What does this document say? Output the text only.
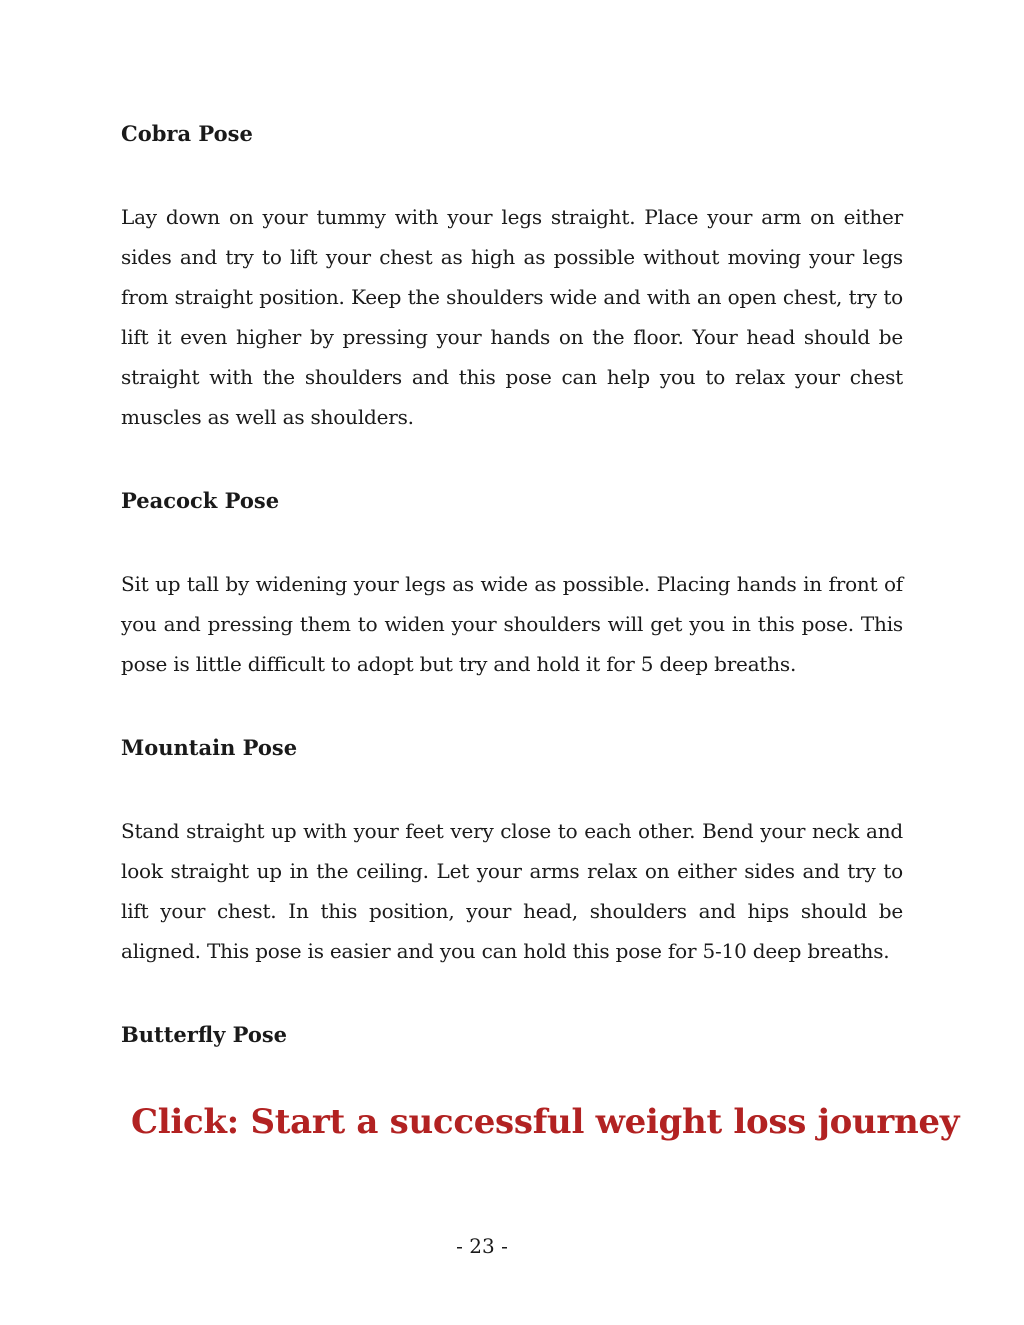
Cobra Pose

Lay down on your tummy with your legs straight. Place your arm on either sides and try to lift your chest as high as possible without moving your legs from straight position. Keep the shoulders wide and with an open chest, try to lift it even higher by pressing your hands on the floor. Your head should be straight with the shoulders and this pose can help you to relax your chest muscles as well as shoulders.

Peacock Pose

Sit up tall by widening your legs as wide as possible. Placing hands in front of you and pressing them to widen your shoulders will get you in this pose. This pose is little difficult to adopt but try and hold it for 5 deep breaths.

Mountain Pose

Stand straight up with your feet very close to each other. Bend your neck and look straight up in the ceiling. Let your arms relax on either sides and try to lift your chest. In this position, your head, shoulders and hips should be aligned. This pose is easier and you can hold this pose for 5-10 deep breaths.

Butterfly Pose
Click: Start a successful weight loss journey
- 23 -
